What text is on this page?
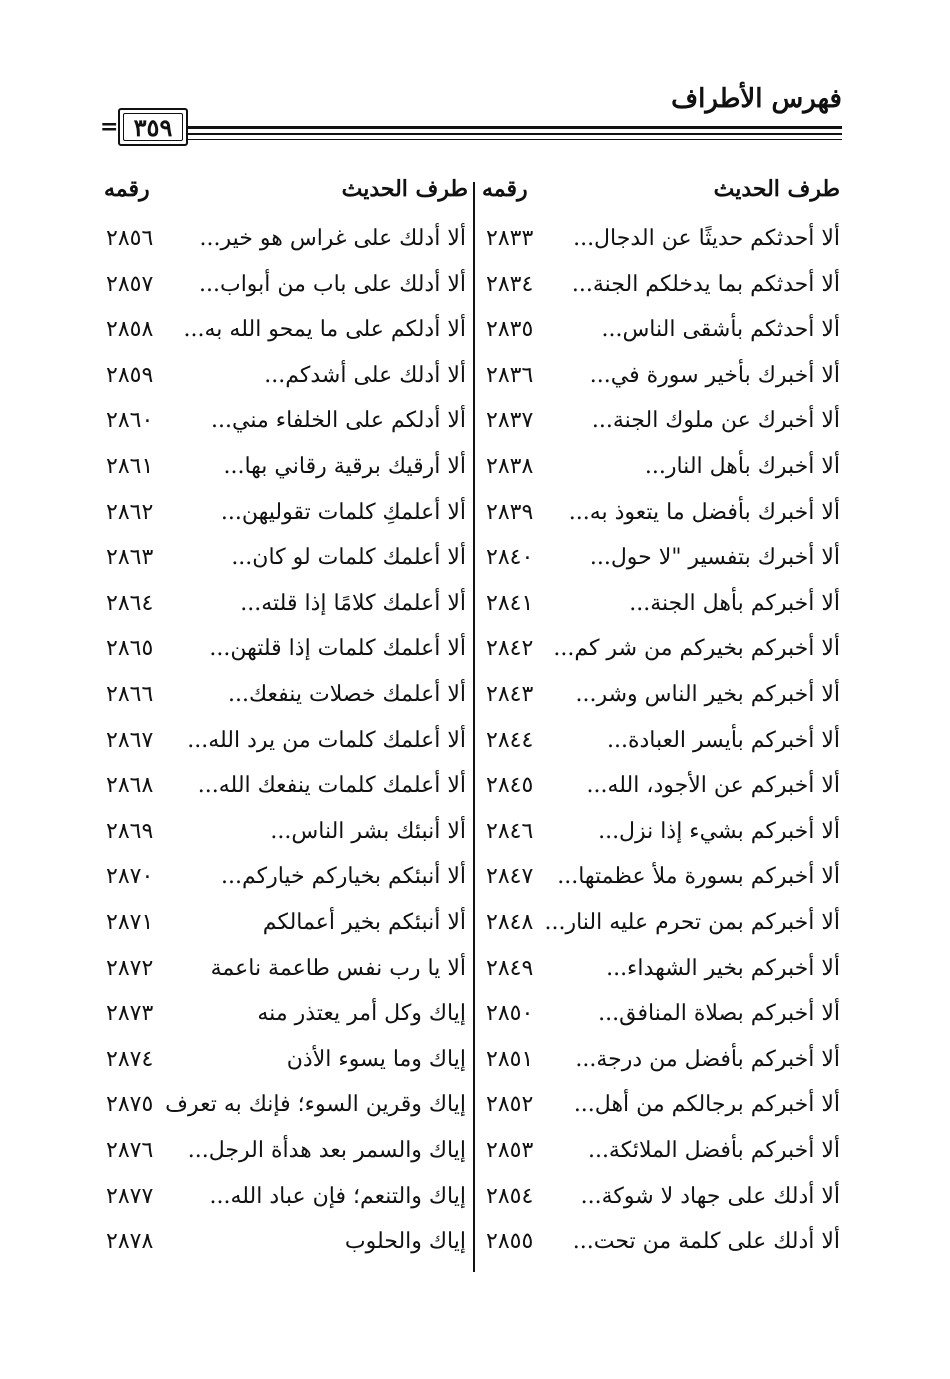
فهرس الأطراف
٣٥٩
=
طرف الحديث
رقمه
طرف الحديث
رقمه
ألا أحدثكم حديثًا عن الدجال...
٢٨٣٣
ألا أحدثكم بما يدخلكم الجنة...
٢٨٣٤
ألا أحدثكم بأشقى الناس...
٢٨٣٥
ألا أخبرك بأخير سورة في...
٢٨٣٦
ألا أخبرك عن ملوك الجنة...
٢٨٣٧
ألا أخبرك بأهل النار...
٢٨٣٨
ألا أخبرك بأفضل ما يتعوذ به...
٢٨٣٩
ألا أخبرك بتفسير "لا حول...
٢٨٤٠
ألا أخبركم بأهل الجنة...
٢٨٤١
ألا أخبركم بخيركم من شر كم...
٢٨٤٢
ألا أخبركم بخير الناس وشر...
٢٨٤٣
ألا أخبركم بأيسر العبادة...
٢٨٤٤
ألا أخبركم عن الأجود، الله...
٢٨٤٥
ألا أخبركم بشيء إذا نزل...
٢٨٤٦
ألا أخبركم بسورة ملأ عظمتها...
٢٨٤٧
ألا أخبركم بمن تحرم عليه النار...
٢٨٤٨
ألا أخبركم بخير الشهداء...
٢٨٤٩
ألا أخبركم بصلاة المنافق...
٢٨٥٠
ألا أخبركم بأفضل من درجة...
٢٨٥١
ألا أخبركم برجالكم من أهل...
٢٨٥٢
ألا أخبركم بأفضل الملائكة...
٢٨٥٣
ألا أدلك على جهاد لا شوكة...
٢٨٥٤
ألا أدلك على كلمة من تحت...
٢٨٥٥
ألا أدلك على غراس هو خير...
٢٨٥٦
ألا أدلك على باب من أبواب...
٢٨٥٧
ألا أدلكم على ما يمحو الله به...
٢٨٥٨
ألا أدلك على أشدكم...
٢٨٥٩
ألا أدلكم على الخلفاء مني...
٢٨٦٠
ألا أرقيك برقية رقاني بها...
٢٨٦١
ألا أعلمكِ كلمات تقوليهن...
٢٨٦٢
ألا أعلمك كلمات لو كان...
٢٨٦٣
ألا أعلمك كلامًا إذا قلته...
٢٨٦٤
ألا أعلمك كلمات إذا قلتهن...
٢٨٦٥
ألا أعلمك خصلات ينفعك...
٢٨٦٦
ألا أعلمك كلمات من يرد الله...
٢٨٦٧
ألا أعلمك كلمات ينفعك الله...
٢٨٦٨
ألا أنبئك بشر الناس...
٢٨٦٩
ألا أنبئكم بخياركم خياركم...
٢٨٧٠
ألا أنبئكم بخير أعمالكم
٢٨٧١
ألا يا رب نفس طاعمة ناعمة
٢٨٧٢
إياك وكل أمر يعتذر منه
٢٨٧٣
إياك وما يسوء الأذن
٢٨٧٤
إياك وقرين السوء؛ فإنك به تعرف
٢٨٧٥
إياك والسمر بعد هدأة الرجل...
٢٨٧٦
إياك والتنعم؛ فإن عباد الله...
٢٨٧٧
إياك والحلوب
٢٨٧٨
